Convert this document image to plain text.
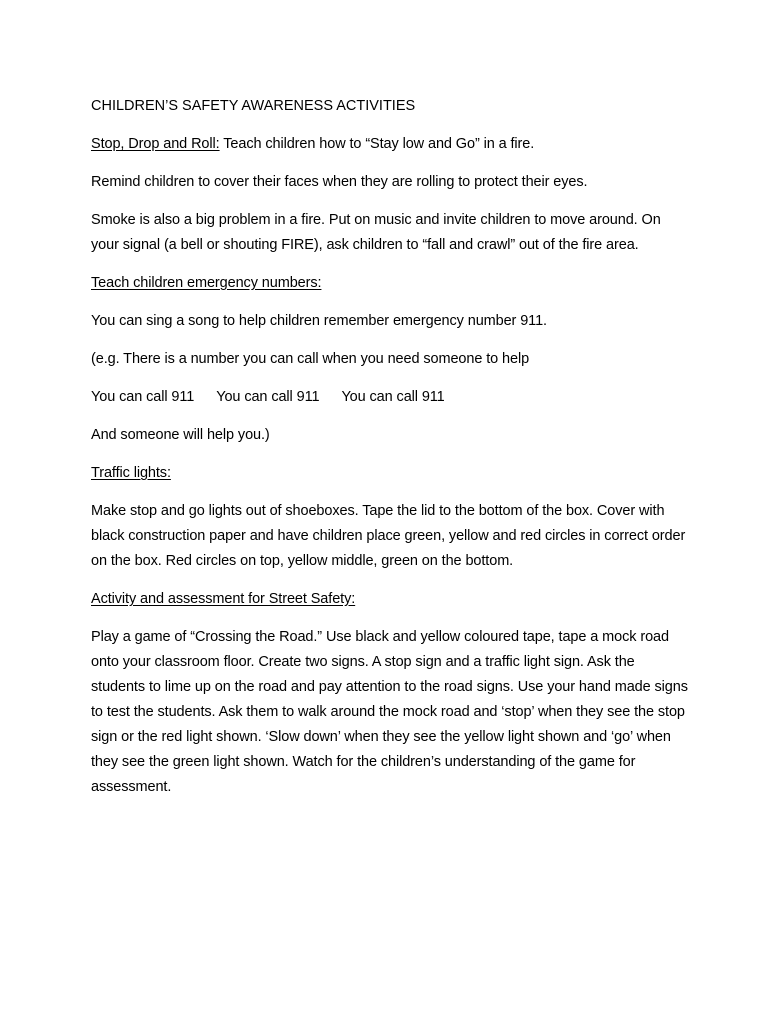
CHILDREN’S SAFETY AWARENESS ACTIVITIES

Stop, Drop and Roll: Teach children how to “Stay low and Go” in a fire.

Remind children to cover their faces when they are rolling to protect their eyes.

Smoke is also a big problem in a fire. Put on music and invite children to move around. On your signal (a bell or shouting FIRE), ask children to “fall and crawl” out of the fire area.

Teach children emergency numbers:

You can sing a song to help children remember emergency number 911.

(e.g. There is a number you can call when you need someone to help

You can call 911 You can call 911 You can call 911

And someone will help you.)

Traffic lights:

Make stop and go lights out of shoeboxes. Tape the lid to the bottom of the box. Cover with black construction paper and have children place green, yellow and red circles in correct order on the box. Red circles on top, yellow middle, green on the bottom.

Activity and assessment for Street Safety:

Play a game of “Crossing the Road.” Use black and yellow coloured tape, tape a mock road onto your classroom floor. Create two signs. A stop sign and a traffic light sign. Ask the students to lime up on the road and pay attention to the road signs. Use your hand made signs to test the students. Ask them to walk around the mock road and ‘stop’ when they see the stop sign or the red light shown. ‘Slow down’ when they see the yellow light shown and ‘go’ when they see the green light shown. Watch for the children’s understanding of the game for assessment.
